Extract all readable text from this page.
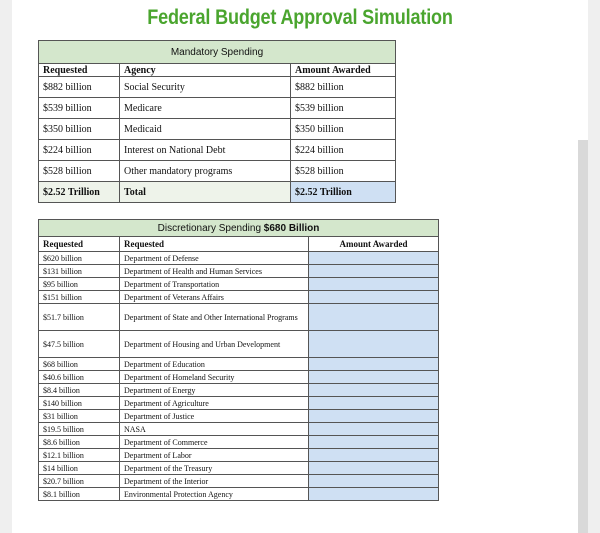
Federal Budget Approval Simulation
Mandatory Spending		
Requested	Agency	Amount Awarded
$882 billion	Social Security	$882 billion
$539 billion	Medicare	$539 billion
$350 billion	Medicaid	$350 billion
$224 billion	Interest on National Debt	$224 billion
$528 billion	Other mandatory programs	$528 billion
$2.52 Trillion	Total	$2.52 Trillion
Discretionary Spending $680 Billion		
Requested	Requested	Amount Awarded
$620 billion	Department of Defense	
$131 billion	Department of Health and Human Services	
$95 billion	Department of Transportation	
$151 billion	Department of Veterans Affairs	
$51.7 billion	Department of State and Other International Programs	
$47.5 billion	Department of Housing and Urban Development	
$68 billion	Department of Education	
$40.6 billion	Department of Homeland Security	
$8.4 billion	Department of Energy	
$140 billion	Department of Agriculture	
$31 billion	Department of Justice	
$19.5 billion	NASA	
$8.6 billion	Department of Commerce	
$12.1 billion	Department of Labor	
$14 billion	Department of the Treasury	
$20.7 billion	Department of the Interior	
$8.1 billion	Environmental Protection Agency	
